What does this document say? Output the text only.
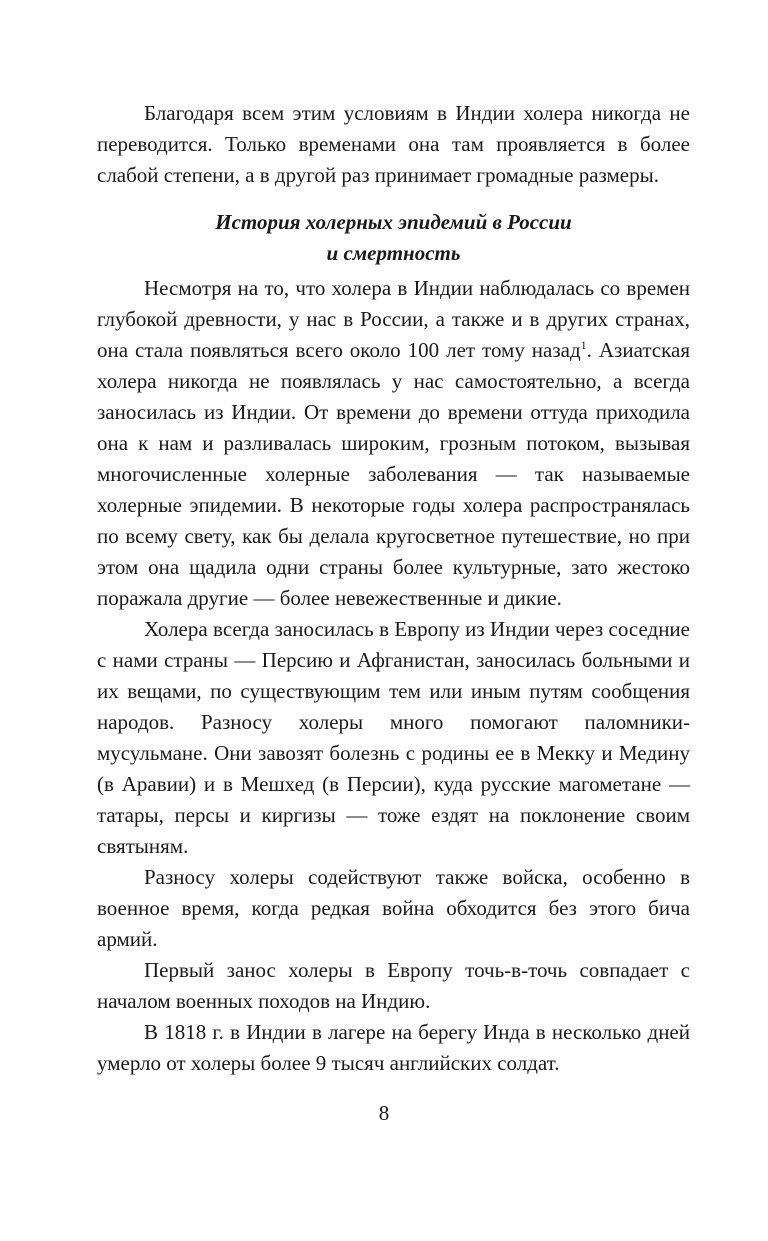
Благодаря всем этим условиям в Индии холера никогда не переводится. Только временами она там проявляется в более слабой степени, а в другой раз принимает громадные размеры.

История холерных эпидемий в России
и смертность

Несмотря на то, что холера в Индии наблюдалась со времен глубокой древности, у нас в России, а также и в других странах, она стала появляться всего около 100 лет тому назад$^1$. Азиатская холера никогда не появлялась у нас самостоятельно, а всегда заносилась из Индии. От времени до времени оттуда приходила она к нам и разливалась широким, грозным потоком, вызывая многочисленные холерные заболевания — так называемые холерные эпидемии. В некоторые годы холера распространялась по всему свету, как бы делала кругосветное путешествие, но при этом она щадила одни страны более культурные, зато жестоко поражала другие — более невежественные и дикие.

Холера всегда заносилась в Европу из Индии через соседние с нами страны — Персию и Афганистан, заносилась больными и их вещами, по существующим тем или иным путям сообщения народов. Разносу холеры много помогают паломники-мусульмане. Они завозят болезнь с родины ее в Мекку и Медину (в Аравии) и в Мешхед (в Персии), куда русские магометане — татары, персы и киргизы — тоже ездят на поклонение своим святыням.

Разносу холеры содействуют также войска, особенно в военное время, когда редкая война обходится без этого бича армий.

Первый занос холеры в Европу точь-в-точь совпадает с началом военных походов на Индию.

В 1818 г. в Индии в лагере на берегу Инда в несколько дней умерло от холеры более 9 тысяч английских солдат.

8
